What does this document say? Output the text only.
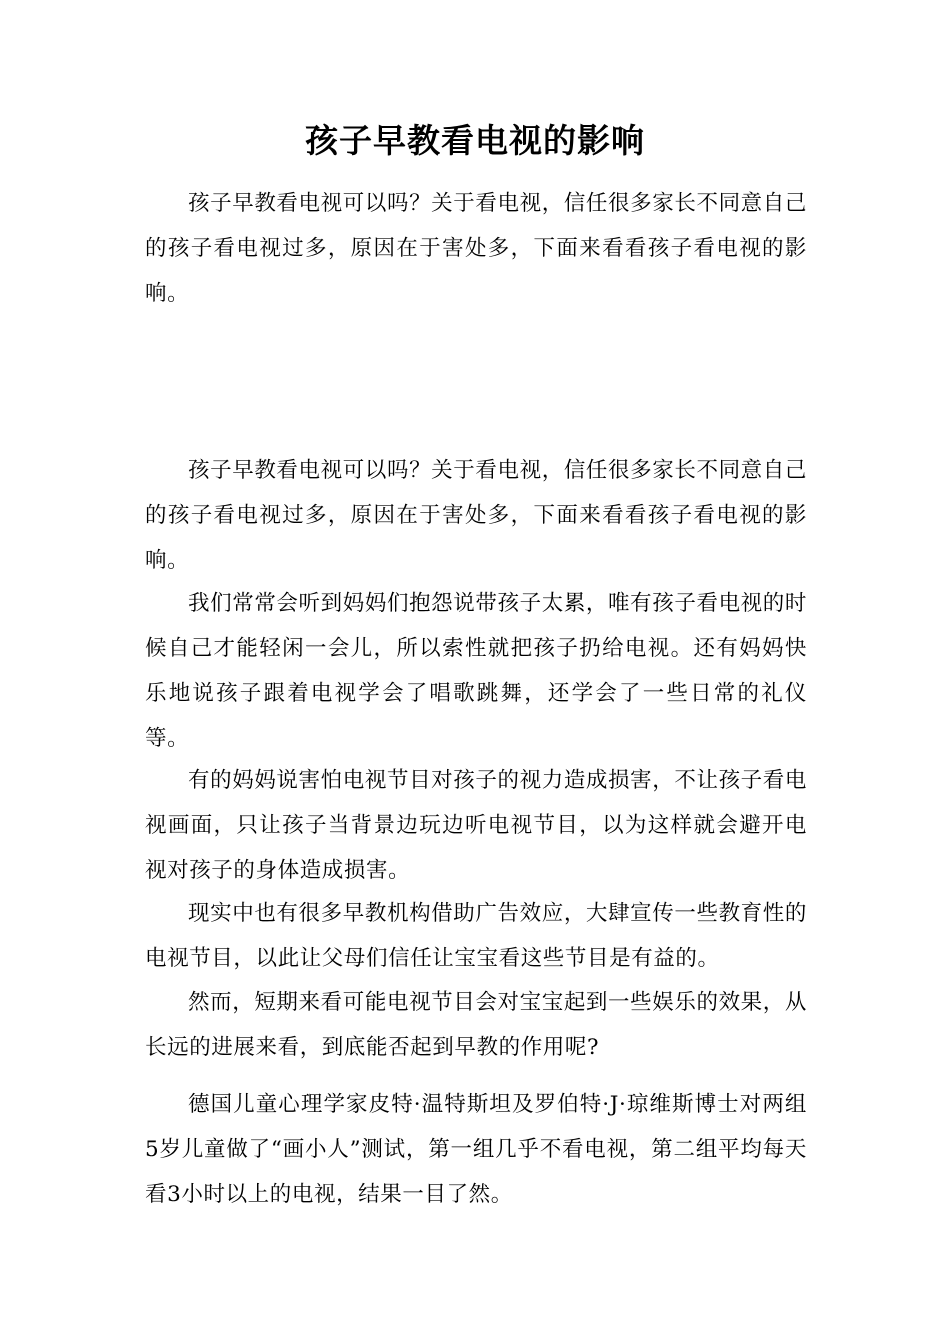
孩子早教看电视的影响

孩子早教看电视可以吗？关于看电视，信任很多家长不同意自己的孩子看电视过多，原因在于害处多，下面来看看孩子看电视的影响。

孩子早教看电视可以吗？关于看电视，信任很多家长不同意自己的孩子看电视过多，原因在于害处多，下面来看看孩子看电视的影响。

我们常常会听到妈妈们抱怨说带孩子太累，唯有孩子看电视的时候自己才能轻闲一会儿，所以索性就把孩子扔给电视。还有妈妈快乐地说孩子跟着电视学会了唱歌跳舞，还学会了一些日常的礼仪等。

有的妈妈说害怕电视节目对孩子的视力造成损害，不让孩子看电视画面，只让孩子当背景边玩边听电视节目，以为这样就会避开电视对孩子的身体造成损害。

现实中也有很多早教机构借助广告效应，大肆宣传一些教育性的电视节目，以此让父母们信任让宝宝看这些节目是有益的。

然而，短期来看可能电视节目会对宝宝起到一些娱乐的效果，从长远的进展来看，到底能否起到早教的作用呢?

德国儿童心理学家皮特·温特斯坦及罗伯特·J·琼维斯博士对两组5岁儿童做了“画小人”测试，第一组几乎不看电视，第二组平均每天看3小时以上的电视，结果一目了然。
